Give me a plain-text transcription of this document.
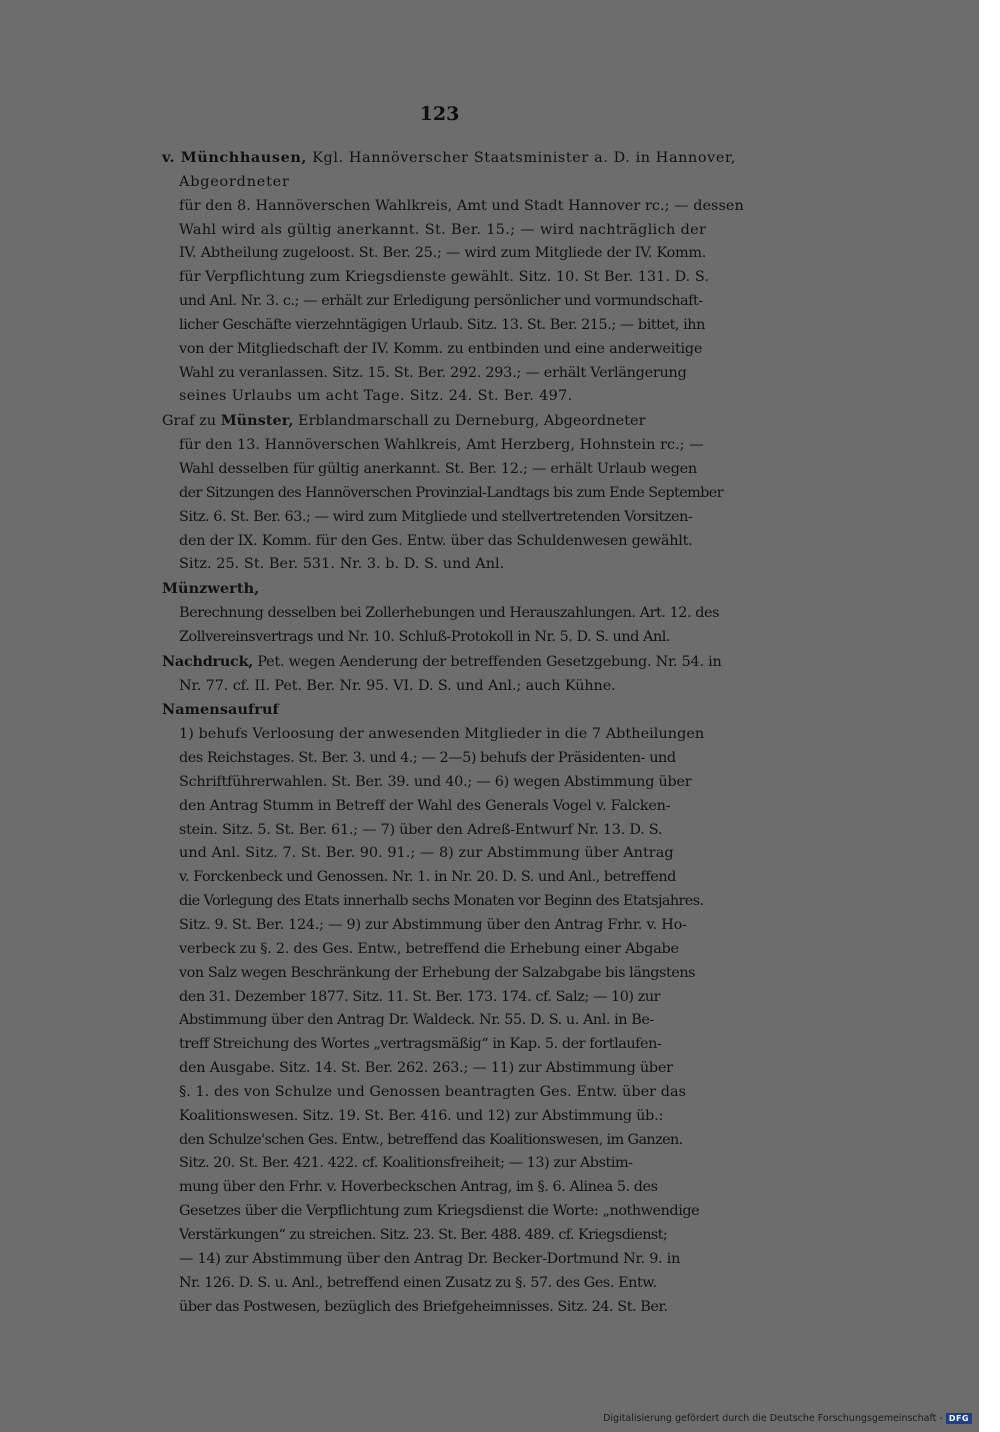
123
v. Münchhausen, Kgl. Hannöverscher Staatsminister a. D. in Hannover,
Abgeordneter
für den 8. Hannöverschen Wahlkreis, Amt und Stadt Hannover rc.; — dessen
Wahl wird als gültig anerkannt. St. Ber. 15.; — wird nachträglich der
IV. Abtheilung zugeloost. St. Ber. 25.; — wird zum Mitgliede der IV. Komm.
für Verpflichtung zum Kriegsdienste gewählt. Sitz. 10. St Ber. 131. D. S.
und Anl. Nr. 3. c.; — erhält zur Erledigung persönlicher und vormundschaft-
licher Geschäfte vierzehntägigen Urlaub. Sitz. 13. St. Ber. 215.; — bittet, ihn
von der Mitgliedschaft der IV. Komm. zu entbinden und eine anderweitige
Wahl zu veranlassen. Sitz. 15. St. Ber. 292. 293.; — erhält Verlängerung
seines Urlaubs um acht Tage. Sitz. 24. St. Ber. 497.
Graf zu Münster, Erblandmarschall zu Derneburg, Abgeordneter
für den 13. Hannöverschen Wahlkreis, Amt Herzberg, Hohnstein rc.; —
Wahl desselben für gültig anerkannt. St. Ber. 12.; — erhält Urlaub wegen
der Sitzungen des Hannöverschen Provinzial-Landtags bis zum Ende September
Sitz. 6. St. Ber. 63.; — wird zum Mitgliede und stellvertretenden Vorsitzen-
den der IX. Komm. für den Ges. Entw. über das Schuldenwesen gewählt.
Sitz. 25. St. Ber. 531. Nr. 3. b. D. S. und Anl.
Münzwerth,
Berechnung desselben bei Zollerhebungen und Herauszahlungen. Art. 12. des
Zollvereinsvertrags und Nr. 10. Schluß-Protokoll in Nr. 5. D. S. und Anl.
Nachdruck, Pet. wegen Aenderung der betreffenden Gesetzgebung. Nr. 54. in
Nr. 77. cf. II. Pet. Ber. Nr. 95. VI. D. S. und Anl.; auch Kühne.
Namensaufruf
1) behufs Verloosung der anwesenden Mitglieder in die 7 Abtheilungen
des Reichstages. St. Ber. 3. und 4.; — 2—5) behufs der Präsidenten- und
Schriftführerwahlen. St. Ber. 39. und 40.; — 6) wegen Abstimmung über
den Antrag Stumm in Betreff der Wahl des Generals Vogel v. Falcken-
stein. Sitz. 5. St. Ber. 61.; — 7) über den Adreß-Entwurf Nr. 13. D. S.
und Anl. Sitz. 7. St. Ber. 90. 91.; — 8) zur Abstimmung über Antrag
v. Forckenbeck und Genossen. Nr. 1. in Nr. 20. D. S. und Anl., betreffend
die Vorlegung des Etats innerhalb sechs Monaten vor Beginn des Etatsjahres.
Sitz. 9. St. Ber. 124.; — 9) zur Abstimmung über den Antrag Frhr. v. Ho-
verbeck zu §. 2. des Ges. Entw., betreffend die Erhebung einer Abgabe
von Salz wegen Beschränkung der Erhebung der Salzabgabe bis längstens
den 31. Dezember 1877. Sitz. 11. St. Ber. 173. 174. cf. Salz; — 10) zur
Abstimmung über den Antrag Dr. Waldeck. Nr. 55. D. S. u. Anl. in Be-
treff Streichung des Wortes „vertragsmäßig“ in Kap. 5. der fortlaufen-
den Ausgabe. Sitz. 14. St. Ber. 262. 263.; — 11) zur Abstimmung über
§. 1. des von Schulze und Genossen beantragten Ges. Entw. über das
Koalitionswesen. Sitz. 19. St. Ber. 416. und 12) zur Abstimmung üb.:
den Schulze'schen Ges. Entw., betreffend das Koalitionswesen, im Ganzen.
Sitz. 20. St. Ber. 421. 422. cf. Koalitionsfreiheit; — 13) zur Abstim-
mung über den Frhr. v. Hoverbeckschen Antrag, im §. 6. Alinea 5. des
Gesetzes über die Verpflichtung zum Kriegsdienst die Worte: „nothwendige
Verstärkungen“ zu streichen. Sitz. 23. St. Ber. 488. 489. cf. Kriegsdienst;
— 14) zur Abstimmung über den Antrag Dr. Becker-Dortmund Nr. 9. in
Nr. 126. D. S. u. Anl., betreffend einen Zusatz zu §. 57. des Ges. Entw.
über das Postwesen, bezüglich des Briefgeheimnisses. Sitz. 24. St. Ber.
Digitalisierung gefördert durch die Deutsche Forschungsgemeinschaft - DFG
